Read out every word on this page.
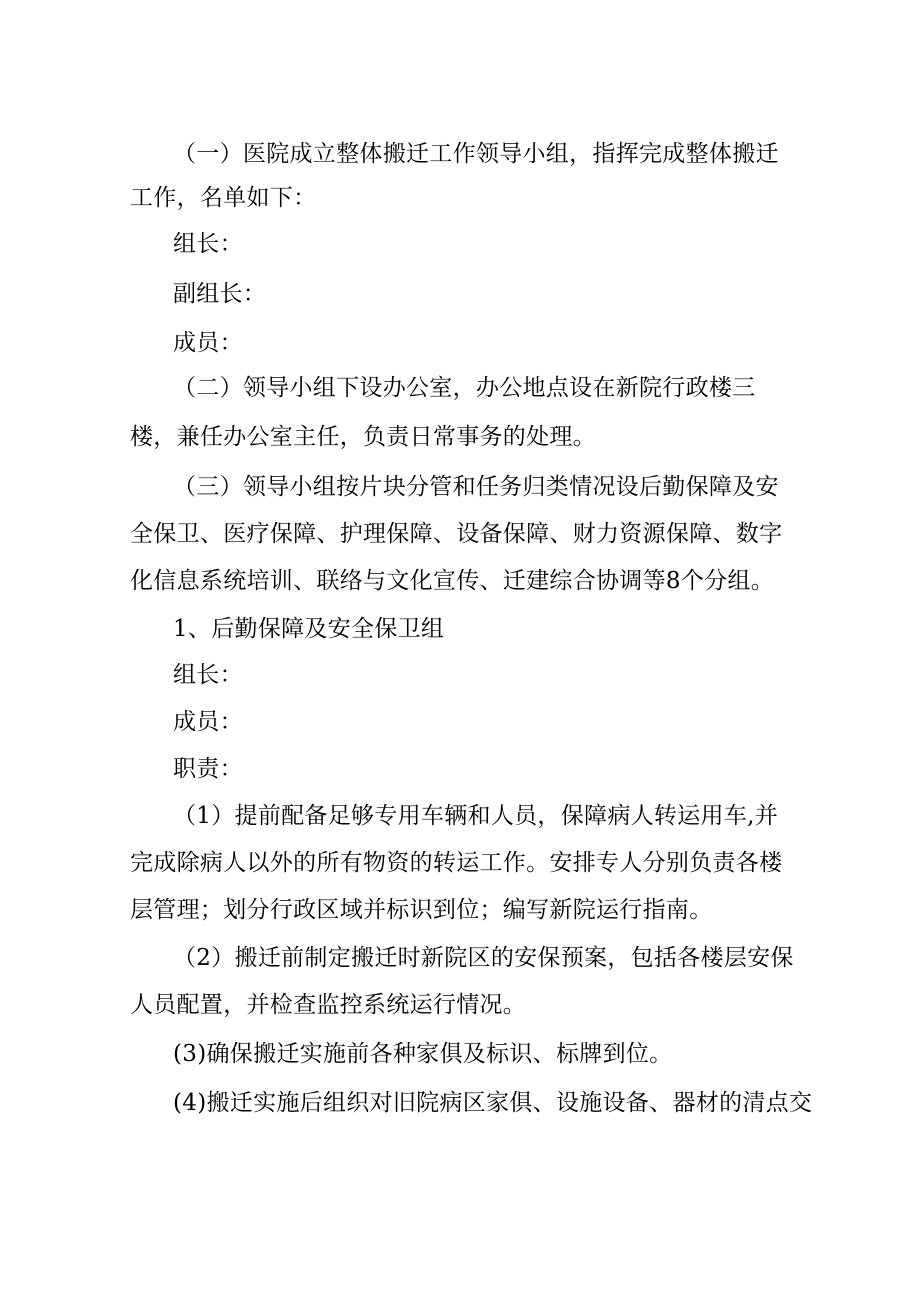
（一）医院成立整体搬迁工作领导小组，指挥完成整体搬迁
工作，名单如下：
组长：
副组长：
成员：
（二）领导小组下设办公室，办公地点设在新院行政楼三
楼，兼任办公室主任，负责日常事务的处理。
（三）领导小组按片块分管和任务归类情况设后勤保障及安
全保卫、医疗保障、护理保障、设备保障、财力资源保障、数字
化信息系统培训、联络与文化宣传、迁建综合协调等8个分组。
1、后勤保障及安全保卫组
组长：
成员：
职责：
（1）提前配备足够专用车辆和人员，保障病人转运用车,并
完成除病人以外的所有物资的转运工作。安排专人分别负责各楼
层管理；划分行政区域并标识到位；编写新院运行指南。
（2）搬迁前制定搬迁时新院区的安保预案，包括各楼层安保
人员配置，并检查监控系统运行情况。
(3)确保搬迁实施前各种家俱及标识、标牌到位。
(4)搬迁实施后组织对旧院病区家俱、设施设备、器材的清点交
